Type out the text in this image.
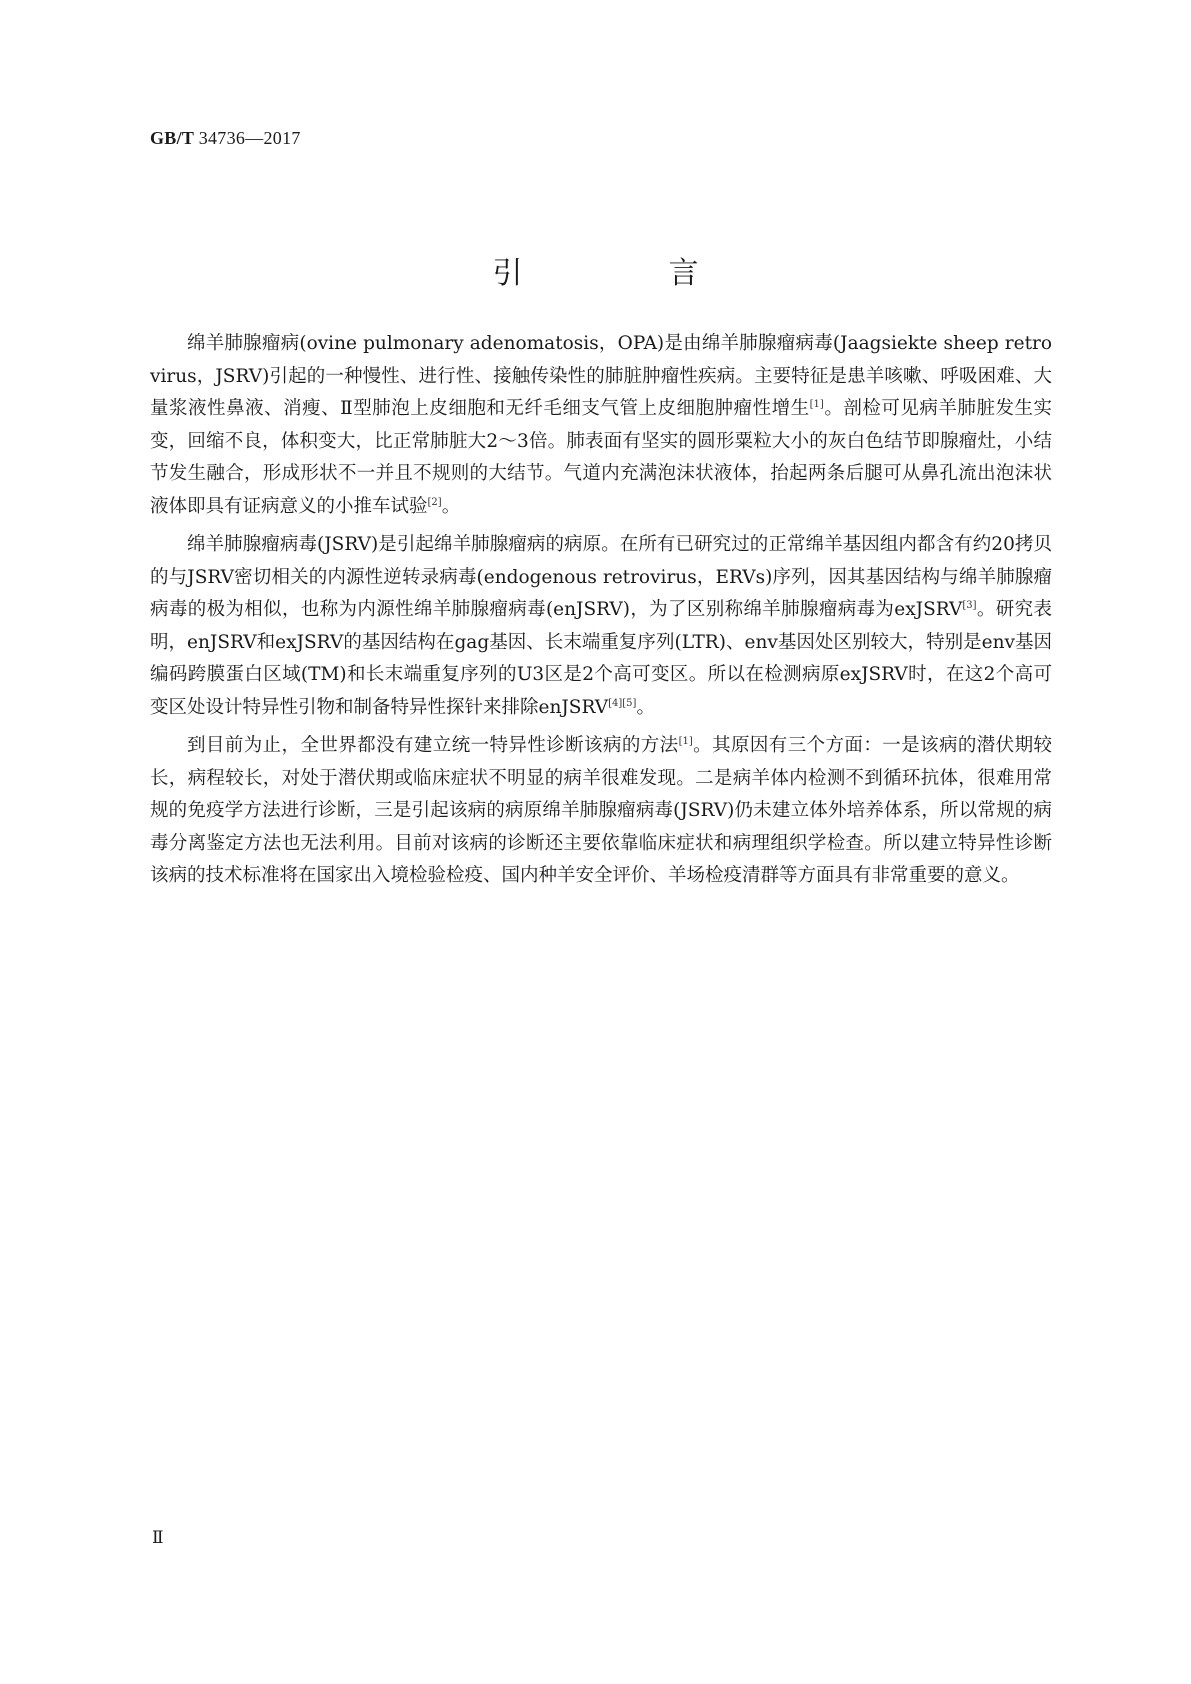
GB/T 34736—2017
引　言

绵羊肺腺瘤病(ovine pulmonary adenomatosis，OPA)是由绵羊肺腺瘤病毒(Jaagsiekte sheep retrovirus，JSRV)引起的一种慢性、进行性、接触传染性的肺脏肿瘤性疾病。主要特征是患羊咳嗽、呼吸困难、大量浆液性鼻液、消瘦、Ⅱ型肺泡上皮细胞和无纤毛细支气管上皮细胞肿瘤性增生[1]。剖检可见病羊肺脏发生实变，回缩不良，体积变大，比正常肺脏大2～3倍。肺表面有坚实的圆形粟粒大小的灰白色结节即腺瘤灶，小结节发生融合，形成形状不一并且不规则的大结节。气道内充满泡沫状液体，抬起两条后腿可从鼻孔流出泡沫状液体即具有证病意义的小推车试验[2]。

绵羊肺腺瘤病毒(JSRV)是引起绵羊肺腺瘤病的病原。在所有已研究过的正常绵羊基因组内都含有约20拷贝的与JSRV密切相关的内源性逆转录病毒(endogenous retrovirus，ERVs)序列，因其基因结构与绵羊肺腺瘤病毒的极为相似，也称为内源性绵羊肺腺瘤病毒(enJSRV)，为了区别称绵羊肺腺瘤病毒为exJSRV[3]。研究表明，enJSRV和exJSRV的基因结构在gag基因、长末端重复序列(LTR)、env基因处区别较大，特别是env基因编码跨膜蛋白区域(TM)和长末端重复序列的U3区是2个高可变区。所以在检测病原exJSRV时，在这2个高可变区处设计特异性引物和制备特异性探针来排除enJSRV[4][5]。

到目前为止，全世界都没有建立统一特异性诊断该病的方法[1]。其原因有三个方面：一是该病的潜伏期较长，病程较长，对处于潜伏期或临床症状不明显的病羊很难发现。二是病羊体内检测不到循环抗体，很难用常规的免疫学方法进行诊断，三是引起该病的病原绵羊肺腺瘤病毒(JSRV)仍未建立体外培养体系，所以常规的病毒分离鉴定方法也无法利用。目前对该病的诊断还主要依靠临床症状和病理组织学检查。所以建立特异性诊断该病的技术标准将在国家出入境检验检疫、国内种羊安全评价、羊场检疫清群等方面具有非常重要的意义。

Ⅱ
